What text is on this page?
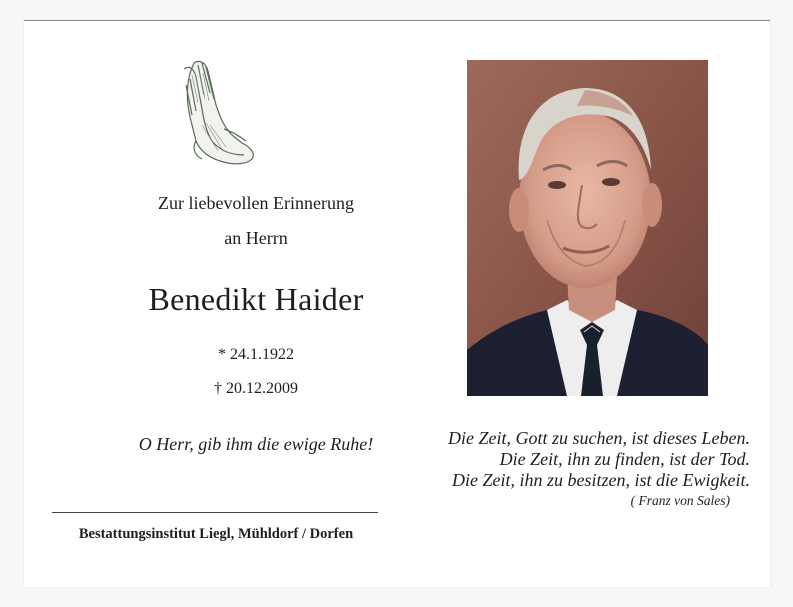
Zur liebevollen Erinnerung
an Herrn
Benedikt Haider
* 24.1.1922
† 20.12.2009
O Herr, gib ihm die ewige Ruhe!
Bestattungsinstitut Liegl, Mühldorf / Dorfen
Die Zeit, Gott zu suchen, ist dieses Leben.
Die Zeit, ihn zu finden, ist der Tod.
Die Zeit, ihn zu besitzen, ist die Ewigkeit.
( Franz von Sales)
